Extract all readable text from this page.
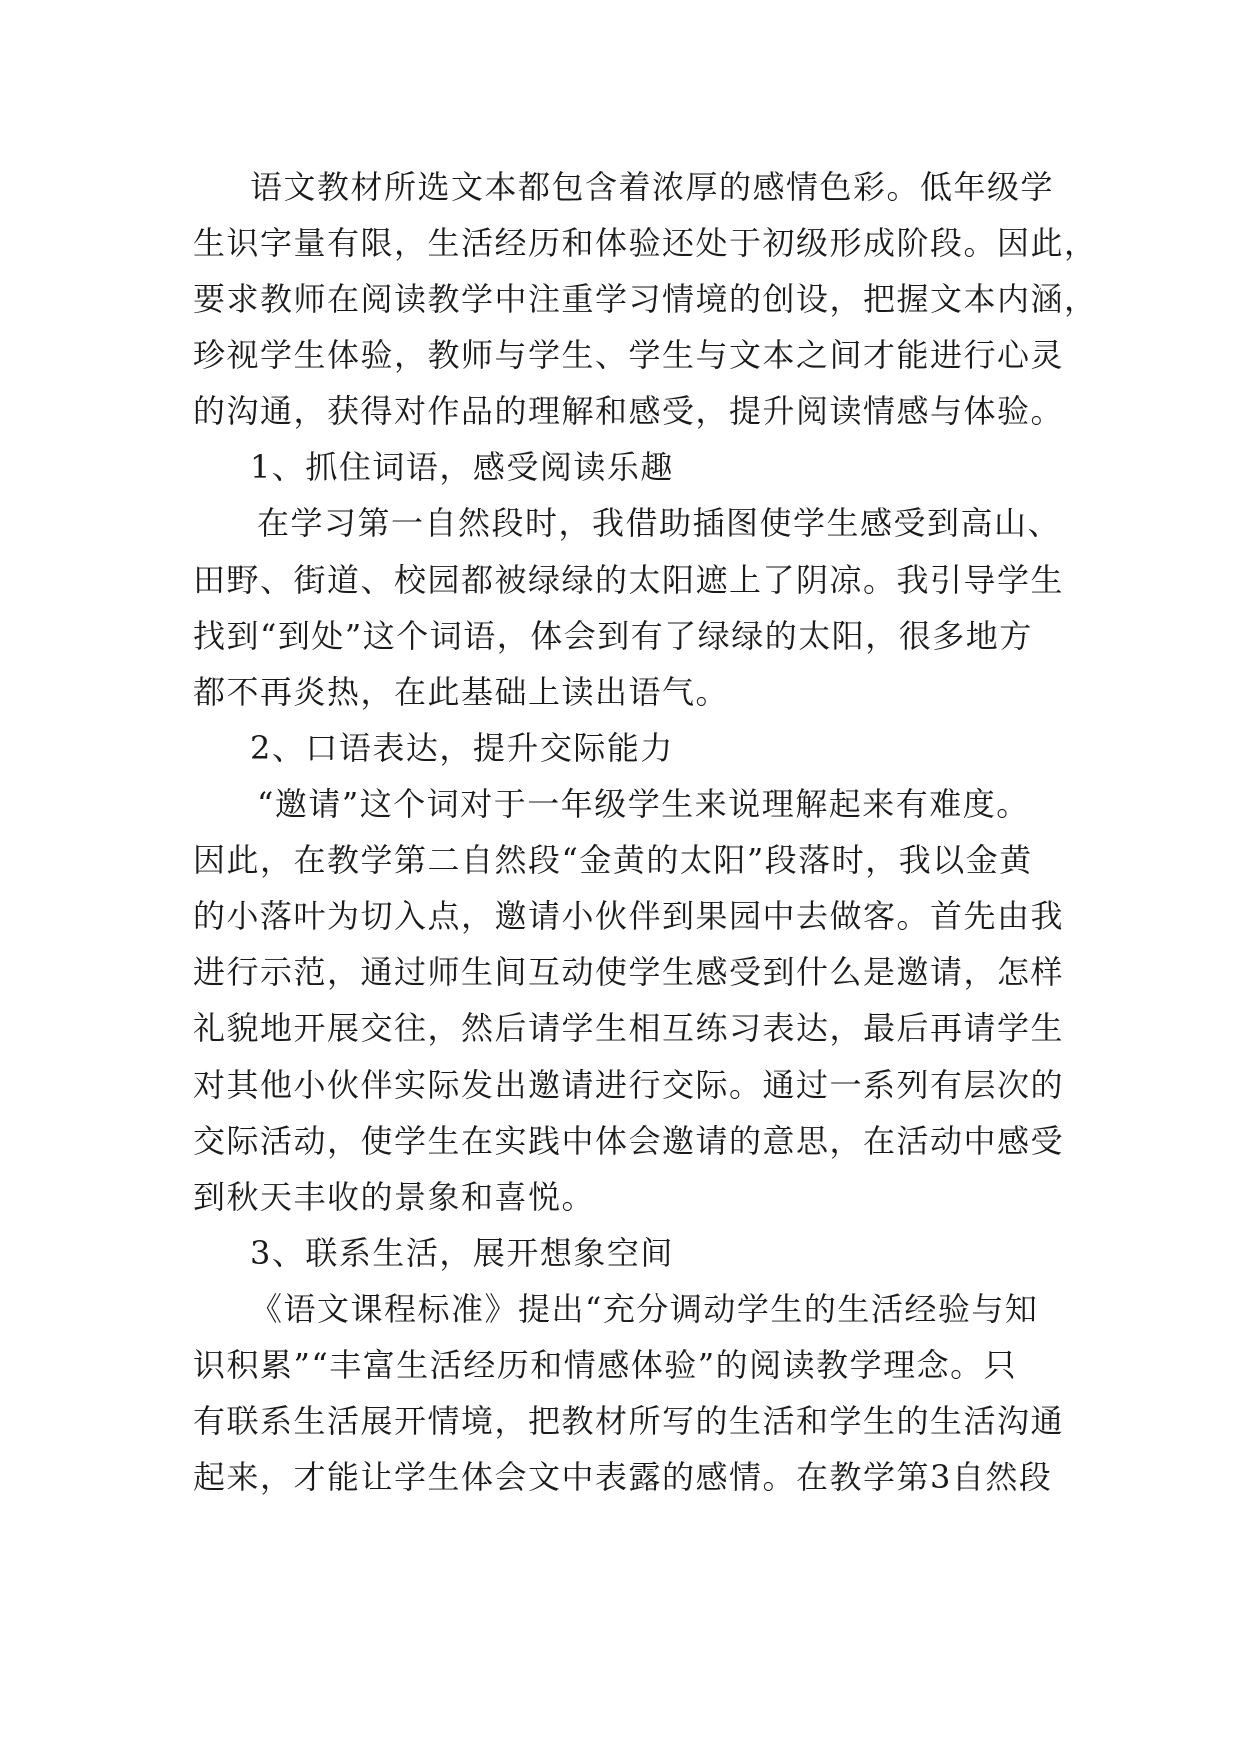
语文教材所选文本都包含着浓厚的感情色彩。低年级学
生识字量有限，生活经历和体验还处于初级形成阶段。因此，
要求教师在阅读教学中注重学习情境的创设，把握文本内涵，
珍视学生体验，教师与学生、学生与文本之间才能进行心灵
的沟通，获得对作品的理解和感受，提升阅读情感与体验。
1、抓住词语，感受阅读乐趣
在学习第一自然段时，我借助插图使学生感受到高山、
田野、街道、校园都被绿绿的太阳遮上了阴凉。我引导学生
找到“到处”这个词语，体会到有了绿绿的太阳，很多地方
都不再炎热，在此基础上读出语气。
2、口语表达，提升交际能力
“邀请”这个词对于一年级学生来说理解起来有难度。
因此，在教学第二自然段“金黄的太阳”段落时，我以金黄
的小落叶为切入点，邀请小伙伴到果园中去做客。首先由我
进行示范，通过师生间互动使学生感受到什么是邀请，怎样
礼貌地开展交往，然后请学生相互练习表达，最后再请学生
对其他小伙伴实际发出邀请进行交际。通过一系列有层次的
交际活动，使学生在实践中体会邀请的意思，在活动中感受
到秋天丰收的景象和喜悦。
3、联系生活，展开想象空间
《语文课程标准》提出“充分调动学生的生活经验与知
识积累”“丰富生活经历和情感体验”的阅读教学理念。只
有联系生活展开情境，把教材所写的生活和学生的生活沟通
起来，才能让学生体会文中表露的感情。在教学第3自然段
